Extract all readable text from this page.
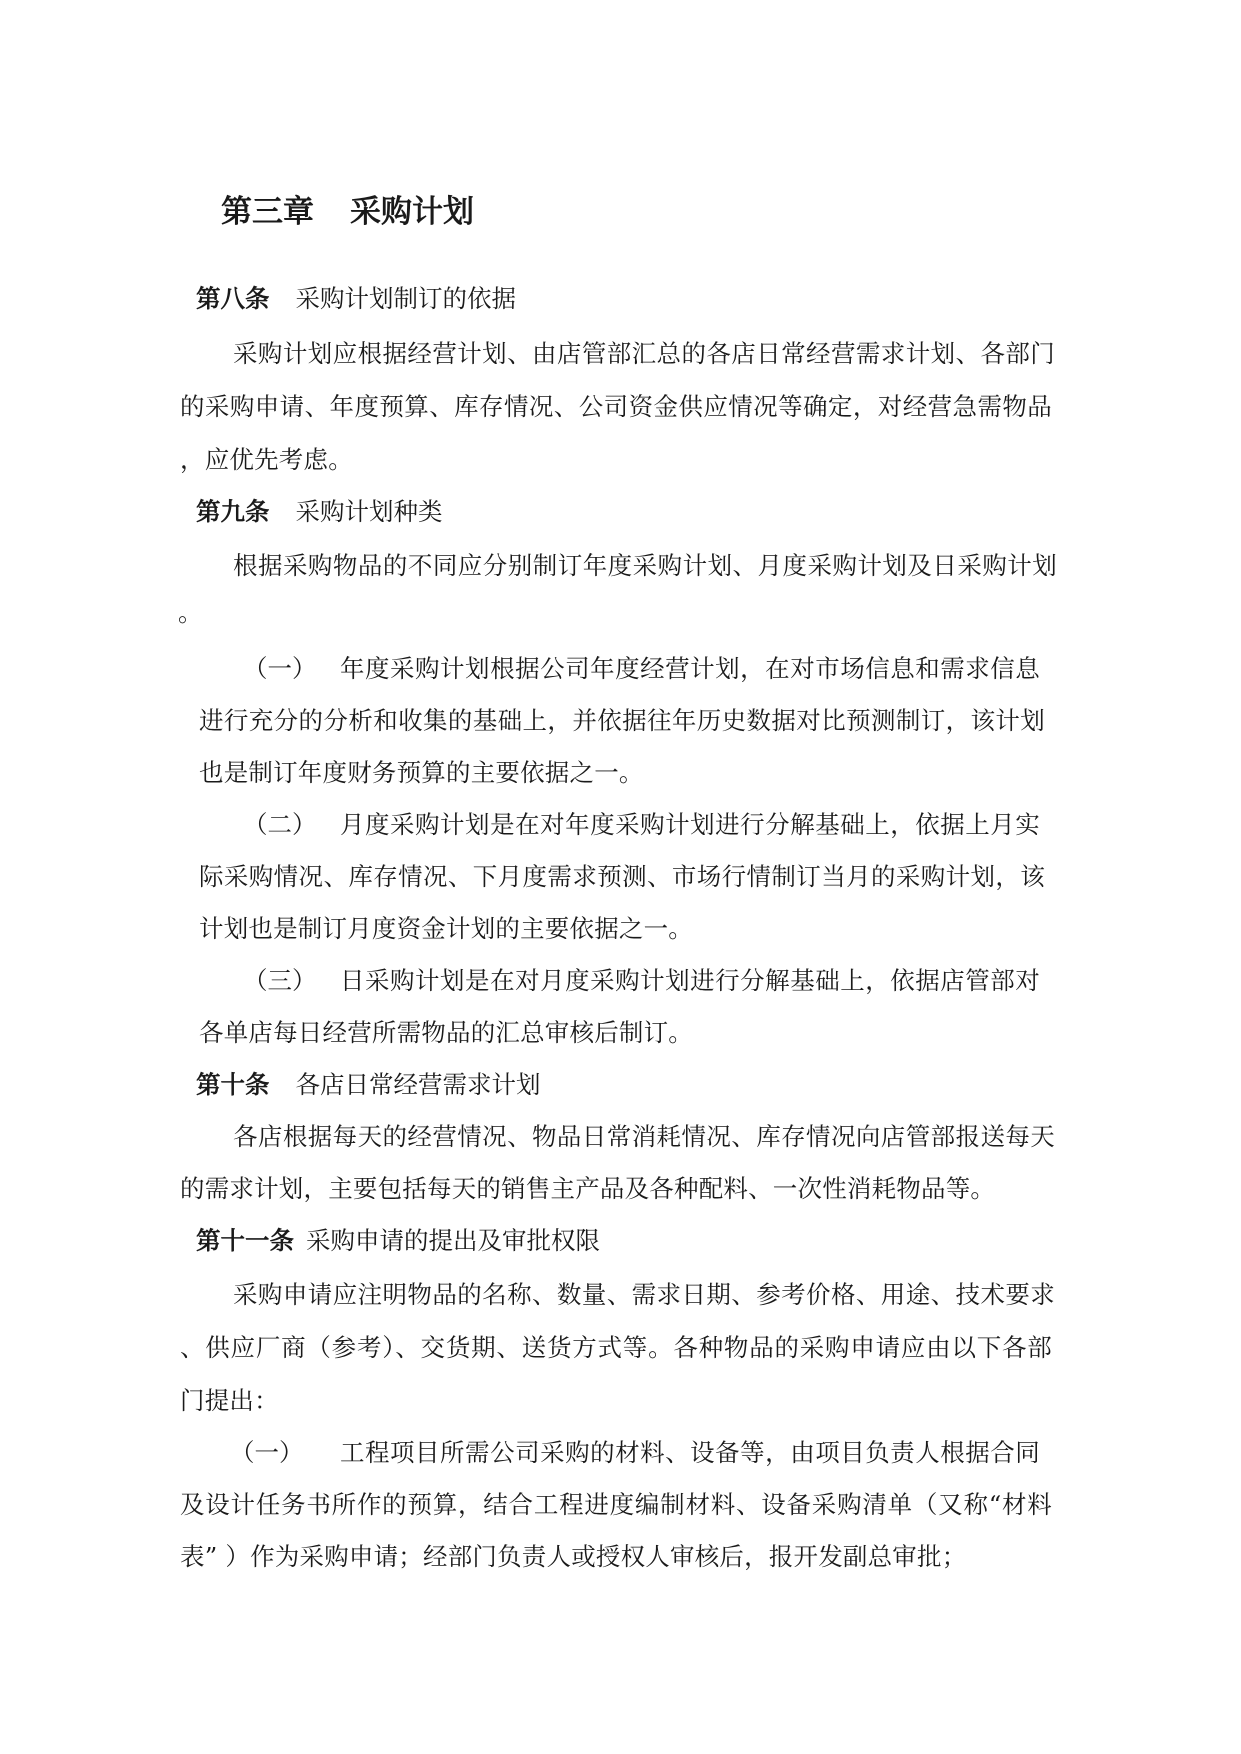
第三章 采购计划
第八条 采购计划制订的依据
采购计划应根据经营计划、由店管部汇总的各店日常经营需求计划、各部门
的采购申请、年度预算、库存情况、公司资金供应情况等确定，对经营急需物品
，应优先考虑。
第九条 采购计划种类
根据采购物品的不同应分别制订年度采购计划、月度采购计划及日采购计划
。
（一） 年度采购计划根据公司年度经营计划，在对市场信息和需求信息
进行充分的分析和收集的基础上，并依据往年历史数据对比预测制订，该计划
也是制订年度财务预算的主要依据之一。
（二） 月度采购计划是在对年度采购计划进行分解基础上，依据上月实
际采购情况、库存情况、下月度需求预测、市场行情制订当月的采购计划，该
计划也是制订月度资金计划的主要依据之一。
（三） 日采购计划是在对月度采购计划进行分解基础上，依据店管部对
各单店每日经营所需物品的汇总审核后制订。
第十条 各店日常经营需求计划
各店根据每天的经营情况、物品日常消耗情况、库存情况向店管部报送每天
的需求计划，主要包括每天的销售主产品及各种配料、一次性消耗物品等。
第十一条 采购申请的提出及审批权限
采购申请应注明物品的名称、数量、需求日期、参考价格、用途、技术要求
、供应厂商（参考）、交货期、送货方式等。各种物品的采购申请应由以下各部
门提出：
（一） 工程项目所需公司采购的材料、设备等，由项目负责人根据合同
及设计任务书所作的预算，结合工程进度编制材料、设备采购清单（又称“材料
表” ）作为采购申请；经部门负责人或授权人审核后，报开发副总审批；
